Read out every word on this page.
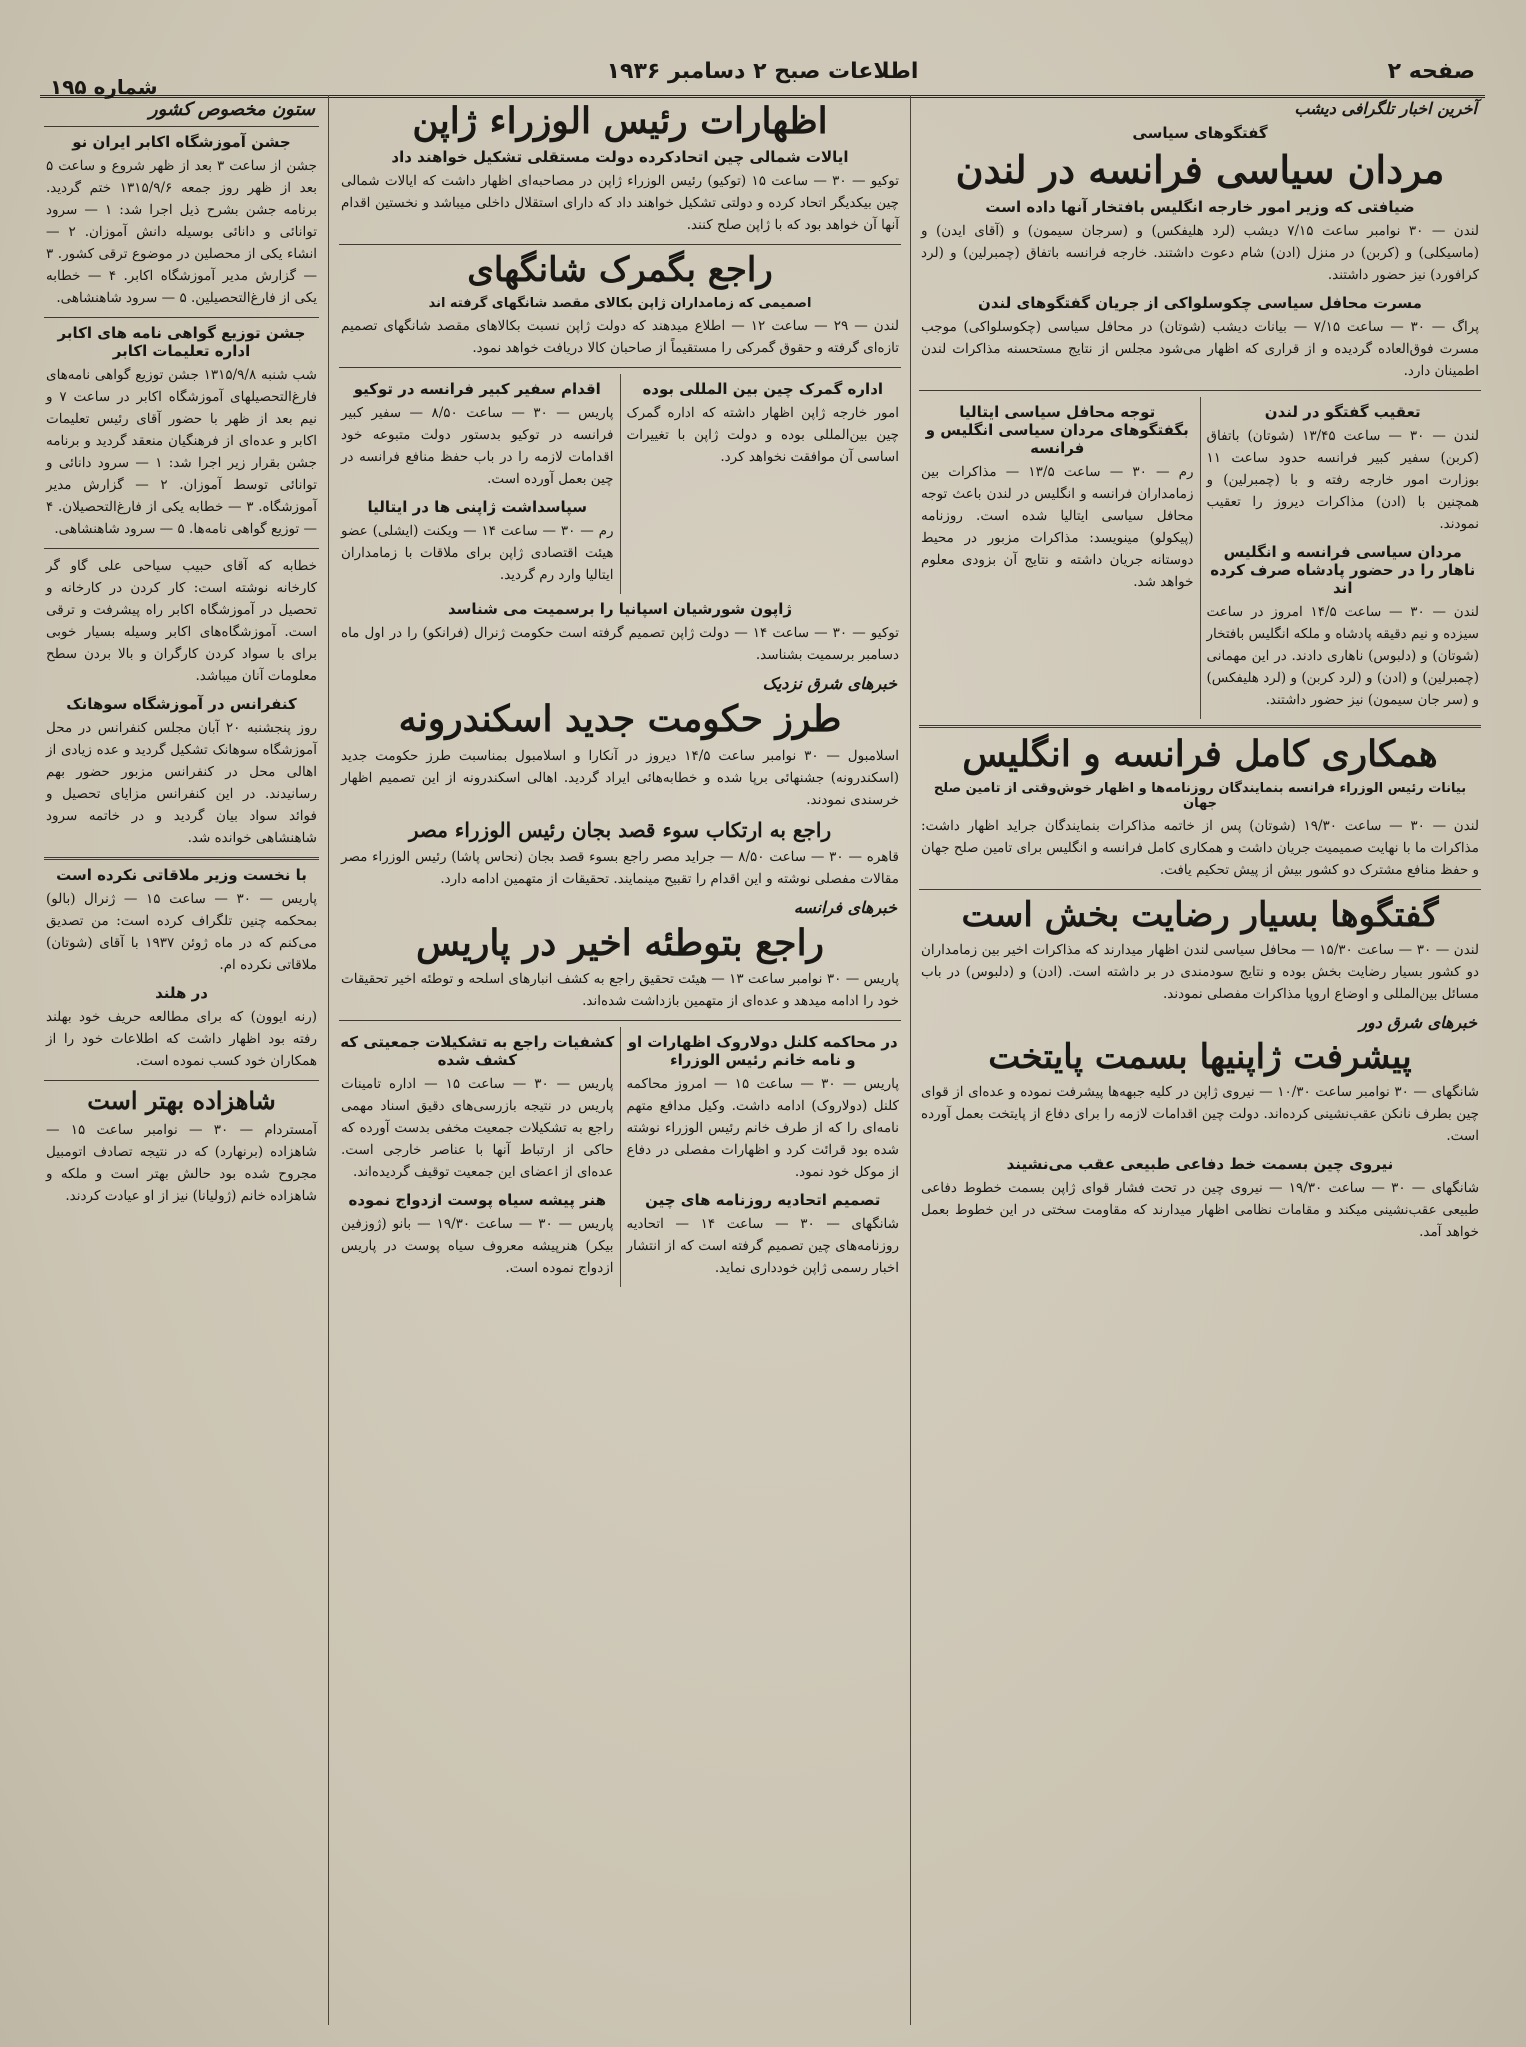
صفحه ۲
اطلاعات صبح ۲ دسامبر ۱۹۳۶
شماره ۱۹۵
آخرین اخبار تلگرافی دیشب
گفتگوهای سیاسی
مردان سیاسی فرانسه در لندن
ضیافتی که وزیر امور خارجه انگلیس بافتخار آنها داده است

لندن — ۳۰ نوامبر ساعت ۷/۱۵ دیشب (لرد هلیفکس) و (سرجان سیمون) و (آقای ایدن) و (ماسیکلی) و (کربن) در منزل (ادن) شام دعوت داشتند. خارجه فرانسه باتفاق (چمبرلین) و (لرد کرافورد) نیز حضور داشتند.

مسرت محافل سیاسی چکوسلواکی از جریان گفتگوهای لندن

پراگ — ۳۰ — ساعت ۷/۱۵ — بیانات دیشب (شوتان) در محافل سیاسی (چکوسلواکی) موجب مسرت فوق‌العاده گردیده و از قراری که اظهار می‌شود مجلس از نتایج مستحسنه مذاکرات لندن اطمینان دارد.

تعقیب گفتگو در لندن

لندن — ۳۰ — ساعت ۱۳/۴۵ (شوتان) باتفاق (کربن) سفیر کبیر فرانسه حدود ساعت ۱۱ بوزارت امور خارجه رفته و با (چمبرلین) و همچنین با (ادن) مذاکرات دیروز را تعقیب نمودند.

مردان سیاسی فرانسه و انگلیس ناهار را در حضور پادشاه صرف کرده اند

لندن — ۳۰ — ساعت ۱۴/۵ امروز در ساعت سیزده و نیم دقیقه پادشاه و ملکه انگلیس بافتخار (شوتان) و (دلبوس) ناهاری دادند. در این مهمانی (چمبرلین) و (ادن) و (لرد کربن) و (لرد هلیفکس) و (سر جان سیمون) نیز حضور داشتند.

توجه محافل سیاسی ایتالیا بگفتگوهای مردان سیاسی انگلیس و فرانسه

رم — ۳۰ — ساعت ۱۳/۵ — مذاکرات بین زمامداران فرانسه و انگلیس در لندن باعث توجه محافل سیاسی ایتالیا شده است. روزنامه (پیکولو) مینویسد: مذاکرات مزبور در محیط دوستانه جریان داشته و نتایج آن بزودی معلوم خواهد شد.

همکاری کامل فرانسه و انگلیس
بیانات رئیس الوزراء فرانسه بنمایندگان روزنامه‌ها و اظهار خوش‌وقتی از تامین صلح جهان

لندن — ۳۰ — ساعت ۱۹/۳۰ (شوتان) پس از خاتمه مذاکرات بنمایندگان جراید اظهار داشت: مذاکرات ما با نهایت صمیمیت جریان داشت و همکاری کامل فرانسه و انگلیس برای تامین صلح جهان و حفظ منافع مشترک دو کشور بیش از پیش تحکیم یافت.

گفتگوها بسیار رضایت بخش است

لندن — ۳۰ — ساعت ۱۵/۳۰ — محافل سیاسی لندن اظهار میدارند که مذاکرات اخیر بین زمامداران دو کشور بسیار رضایت بخش بوده و نتایج سودمندی در بر داشته است. (ادن) و (دلبوس) در باب مسائل بین‌المللی و اوضاع اروپا مذاکرات مفصلی نمودند.

خبرهای شرق دور
پیشرفت ژاپنیها بسمت پایتخت

شانگهای — ۳۰ نوامبر ساعت ۱۰/۳۰ — نیروی ژاپن در کلیه جبهه‌ها پیشرفت نموده و عده‌ای از قوای چین بطرف نانکن عقب‌نشینی کرده‌اند. دولت چین اقدامات لازمه را برای دفاع از پایتخت بعمل آورده است.

نیروی چین بسمت خط دفاعی طبیعی عقب می‌نشیند

شانگهای — ۳۰ — ساعت ۱۹/۳۰ — نیروی چین در تحت فشار قوای ژاپن بسمت خطوط دفاعی طبیعی عقب‌نشینی میکند و مقامات نظامی اظهار میدارند که مقاومت سختی در این خطوط بعمل خواهد آمد.

اظهارات رئیس الوزراء ژاپن
ایالات شمالی چین اتحادکرده دولت مستقلی تشکیل خواهند داد

توکیو — ۳۰ — ساعت ۱۵ (توکیو) رئیس الوزراء ژاپن در مصاحبه‌ای اظهار داشت که ایالات شمالی چین بیکدیگر اتحاد کرده و دولتی تشکیل خواهند داد که دارای استقلال داخلی میباشد و نخستین اقدام آنها آن خواهد بود که با ژاپن صلح کنند.

راجع بگمرک شانگهای
اصمیمی که زمامداران ژاپن بکالای مقصد شانگهای گرفته اند

لندن — ۲۹ — ساعت ۱۲ — اطلاع میدهند که دولت ژاپن نسبت بکالاهای مقصد شانگهای تصمیم تازه‌ای گرفته و حقوق گمرکی را مستقیماً از صاحبان کالا دریافت خواهد نمود.

اداره گمرک چین بین المللی بوده

امور خارجه ژاپن اظهار داشته که اداره گمرک چین بین‌المللی بوده و دولت ژاپن با تغییرات اساسی آن موافقت نخواهد کرد.

اقدام سفیر کبیر فرانسه در توکیو

پاریس — ۳۰ — ساعت ۸/۵۰ — سفیر کبیر فرانسه در توکیو بدستور دولت متبوعه خود اقدامات لازمه را در باب حفظ منافع فرانسه در چین بعمل آورده است.

سپاسداشت ژاپنی ها در ایتالیا

رم — ۳۰ — ساعت ۱۴ — ویکنت (ایشلی) عضو هیئت اقتصادی ژاپن برای ملاقات با زمامداران ایتالیا وارد رم گردید.

ژاپون شورشیان اسپانیا را برسمیت می شناسد

توکیو — ۳۰ — ساعت ۱۴ — دولت ژاپن تصمیم گرفته است حکومت ژنرال (فرانکو) را در اول ماه دسامبر برسمیت بشناسد.

خبرهای شرق نزدیک
طرز حکومت جدید اسکندرونه

اسلامبول — ۳۰ نوامبر ساعت ۱۴/۵ دیروز در آنکارا و اسلامبول بمناسبت طرز حکومت جدید (اسکندرونه) جشنهائی برپا شده و خطابه‌هائی ایراد گردید. اهالی اسکندرونه از این تصمیم اظهار خرسندی نمودند.

راجع به ارتکاب سوء قصد بجان رئیس الوزراء مصر

قاهره — ۳۰ — ساعت ۸/۵۰ — جراید مصر راجع بسوء قصد بجان (نحاس پاشا) رئیس الوزراء مصر مقالات مفصلی نوشته و این اقدام را تقبیح مینمایند. تحقیقات از متهمین ادامه دارد.

خبرهای فرانسه
راجع بتوطئه اخیر در پاریس

پاریس — ۳۰ نوامبر ساعت ۱۳ — هیئت تحقیق راجع به کشف انبارهای اسلحه و توطئه اخیر تحقیقات خود را ادامه میدهد و عده‌ای از متهمین بازداشت شده‌اند.

در محاکمه کلنل دولاروک اظهارات او و نامه خانم رئیس الوزراء

پاریس — ۳۰ — ساعت ۱۵ — امروز محاکمه کلنل (دولاروک) ادامه داشت. وکیل مدافع متهم نامه‌ای را که از طرف خانم رئیس الوزراء نوشته شده بود قرائت کرد و اظهارات مفصلی در دفاع از موکل خود نمود.

تصمیم اتحادیه روزنامه های چین

شانگهای — ۳۰ — ساعت ۱۴ — اتحادیه روزنامه‌های چین تصمیم گرفته است که از انتشار اخبار رسمی ژاپن خودداری نماید.

کشفیات راجع به تشکیلات جمعیتی که کشف شده

پاریس — ۳۰ — ساعت ۱۵ — اداره تامینات پاریس در نتیجه بازرسی‌های دقیق اسناد مهمی راجع به تشکیلات جمعیت مخفی بدست آورده که حاکی از ارتباط آنها با عناصر خارجی است. عده‌ای از اعضای این جمعیت توقیف گردیده‌اند.

هنر پیشه سیاه پوست ازدواج نموده

پاریس — ۳۰ — ساعت ۱۹/۳۰ — بانو (ژوزفین بیکر) هنرپیشه معروف سیاه پوست در پاریس ازدواج نموده است.

ستون مخصوص کشور
جشن آموزشگاه اکابر ایران نو

جشن از ساعت ۳ بعد از ظهر شروع و ساعت ۵ بعد از ظهر روز جمعه ۱۳۱۵/۹/۶ ختم گردید. برنامه جشن بشرح ذیل اجرا شد: ۱ — سرود توانائی و دانائی بوسیله دانش آموزان. ۲ — انشاء یکی از محصلین در موضوع ترقی کشور. ۳ — گزارش مدیر آموزشگاه اکابر. ۴ — خطابه یکی از فارغ‌التحصیلین. ۵ — سرود شاهنشاهی.

جشن توزیع گواهی نامه های اکابر اداره تعلیمات اکابر

شب شنبه ۱۳۱۵/۹/۸ جشن توزیع گواهی نامه‌های فارغ‌التحصیلهای آموزشگاه اکابر در ساعت ۷ و نیم بعد از ظهر با حضور آقای رئیس تعلیمات اکابر و عده‌ای از فرهنگیان منعقد گردید و برنامه جشن بقرار زیر اجرا شد: ۱ — سرود دانائی و توانائی توسط آموزان. ۲ — گزارش مدیر آموزشگاه. ۳ — خطابه یکی از فارغ‌التحصیلان. ۴ — توزیع گواهی نامه‌ها. ۵ — سرود شاهنشاهی.

خطابه که آقای حبیب سیاحی علی گاو گر کارخانه نوشته است: کار کردن در کارخانه و تحصیل در آموزشگاه اکابر راه پیشرفت و ترقی است. آموزشگاه‌های اکابر وسیله بسیار خوبی برای با سواد کردن کارگران و بالا بردن سطح معلومات آنان میباشد.

کنفرانس در آموزشگاه سوهانک

روز پنجشنبه ۲۰ آبان مجلس کنفرانس در محل آموزشگاه سوهانک تشکیل گردید و عده زیادی از اهالی محل در کنفرانس مزبور حضور بهم رسانیدند. در این کنفرانس مزایای تحصیل و فوائد سواد بیان گردید و در خاتمه سرود شاهنشاهی خوانده شد.

با نخست وزیر ملاقاتی نکرده است

پاریس — ۳۰ — ساعت ۱۵ — ژنرال (بالو) بمحکمه چنین تلگراف کرده است: من تصدیق می‌کنم که در ماه ژوئن ۱۹۳۷ با آقای (شوتان) ملاقاتی نکرده ام.

در هلند

(رنه ایوون) که برای مطالعه حریف خود بهلند رفته بود اظهار داشت که اطلاعات خود را از همکاران خود کسب نموده است.

شاهزاده بهتر است

آمستردام — ۳۰ — نوامبر ساعت ۱۵ — شاهزاده (برنهارد) که در نتیجه تصادف اتومبیل مجروح شده بود حالش بهتر است و ملکه و شاهزاده خانم (ژولیانا) نیز از او عیادت کردند.
